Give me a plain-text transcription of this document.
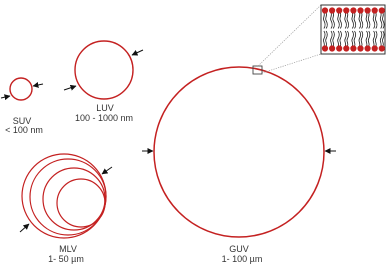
SUV
< 100 nm
LUV
100 - 1000 nm
MLV
1- 50 µm
GUV
1- 100 µm
